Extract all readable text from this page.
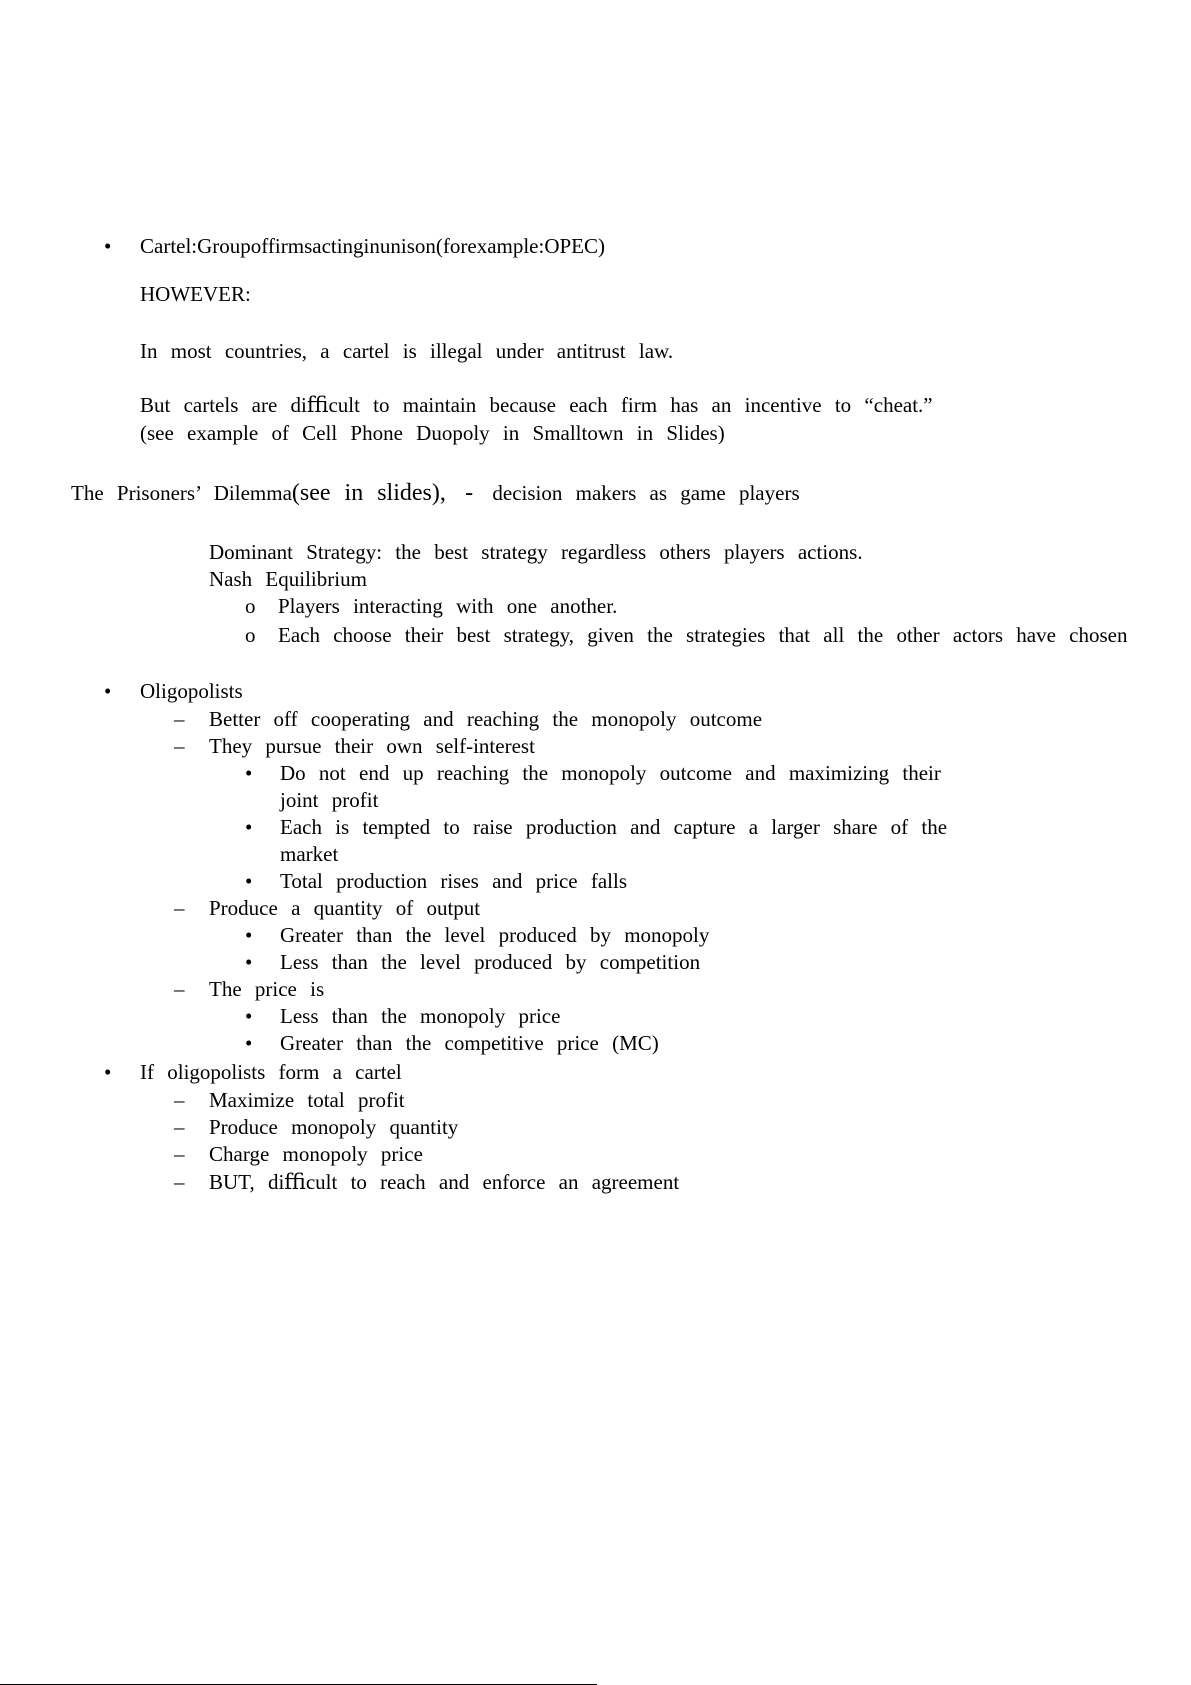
• Cartel:Groupoffirmsactinginunison(forexample:OPEC)
HOWEVER:
In most countries, a cartel is illegal under antitrust law.
But cartels are diﬃcult to maintain because each firm has an incentive to “cheat.”
(see example of Cell Phone Duopoly in Smalltown in Slides)
The Prisoners’ Dilemma(see in slides), - decision makers as game players
Dominant Strategy: the best strategy regardless others players actions.
Nash Equilibrium
o Players interacting with one another.
o Each choose their best strategy, given the strategies that all the other actors have chosen
• Oligopolists
– Better off cooperating and reaching the monopoly outcome
– They pursue their own self-interest
• Do not end up reaching the monopoly outcome and maximizing their
joint profit
• Each is tempted to raise production and capture a larger share of the
market
• Total production rises and price falls
– Produce a quantity of output
• Greater than the level produced by monopoly
• Less than the level produced by competition
– The price is
• Less than the monopoly price
• Greater than the competitive price (MC)
• If oligopolists form a cartel
– Maximize total profit
– Produce monopoly quantity
– Charge monopoly price
– BUT, diﬃcult to reach and enforce an agreement
